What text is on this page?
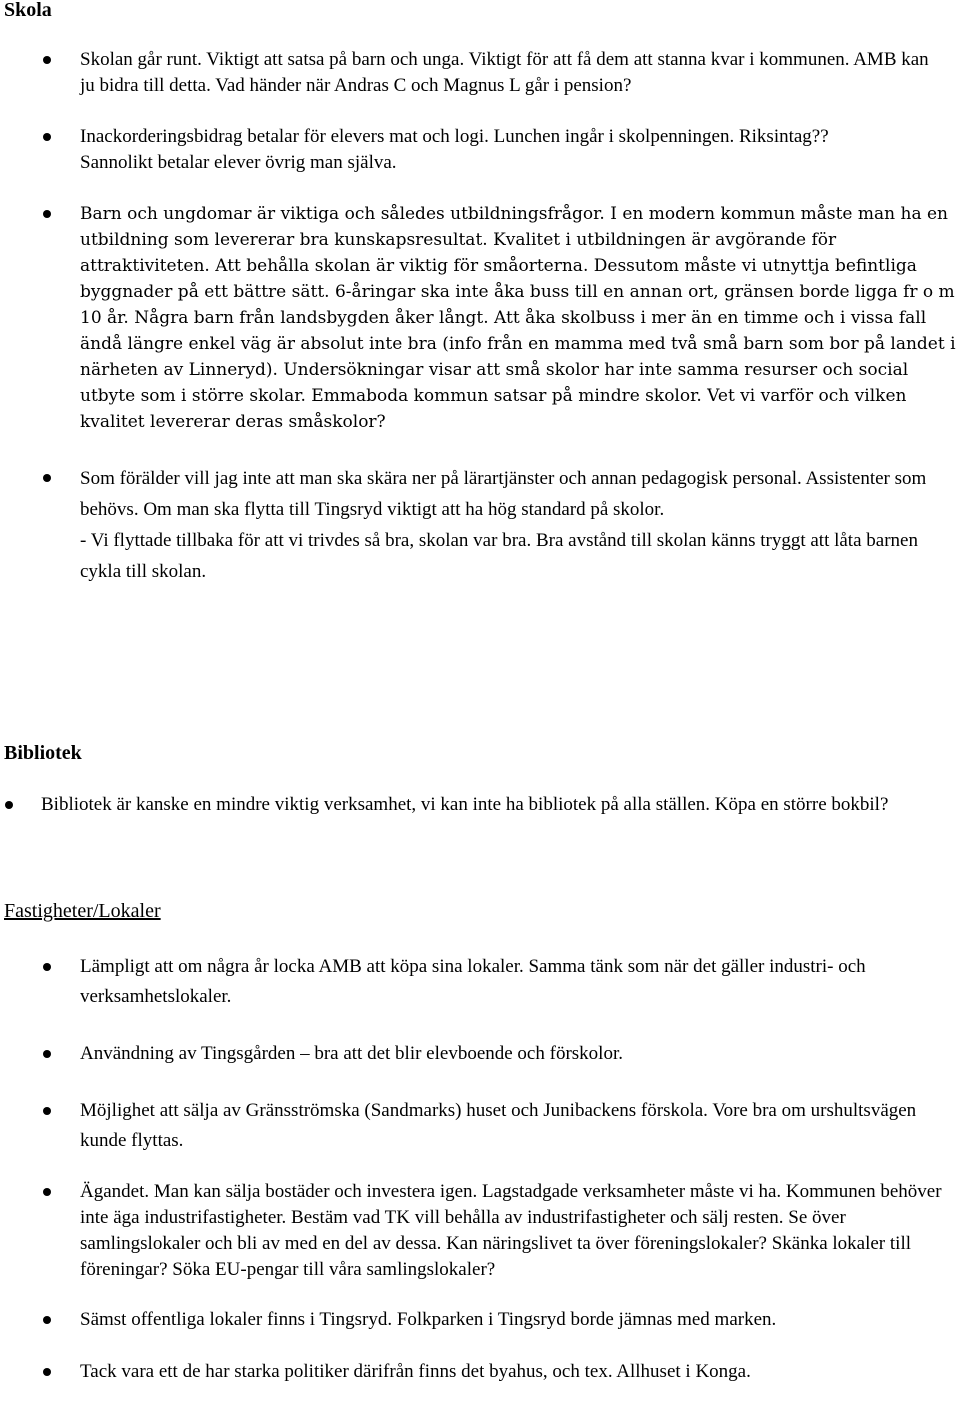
Skola
Skolan går runt. Viktigt att satsa på barn och unga. Viktigt för att få dem att stanna kvar i kommunen. AMB kan ju bidra till detta. Vad händer när Andras C och Magnus L går i pension?
Inackorderingsbidrag betalar för elevers mat och logi. Lunchen ingår i skolpenningen. Riksintag?? Sannolikt betalar elever övrig man själva.
Barn och ungdomar är viktiga och således utbildningsfrågor. I en modern kommun måste man ha en utbildning som levererar bra kunskapsresultat. Kvalitet i utbildningen är avgörande för attraktiviteten. Att behålla skolan är viktig för småorterna. Dessutom måste vi utnyttja befintliga byggnader på ett bättre sätt. 6-åringar ska inte åka buss till en annan ort, gränsen borde ligga fr o m 10 år. Några barn från landsbygden åker långt. Att åka skolbuss i mer än en timme och i vissa fall ändå längre enkel väg är absolut inte bra (info från en mamma med två små barn som bor på landet i närheten av Linneryd). Undersökningar visar att små skolor har inte samma resurser och social utbyte som i större skolar. Emmaboda kommun satsar på mindre skolor. Vet vi varför och vilken kvalitet levererar deras småskolor?
Som förälder vill jag inte att man ska skära ner på lärartjänster och annan pedagogisk personal. Assistenter som behövs. Om man ska flytta till Tingsryd viktigt att ha hög standard på skolor.
- Vi flyttade tillbaka för att vi trivdes så bra, skolan var bra. Bra avstånd till skolan känns tryggt att låta barnen cykla till skolan.
Bibliotek
Bibliotek är kanske en mindre viktig verksamhet, vi kan inte ha bibliotek på alla ställen. Köpa en större bokbil?
Fastigheter/Lokaler
Lämpligt att om några år locka AMB att köpa sina lokaler. Samma tänk som när det gäller industri- och verksamhetslokaler.
Användning av Tingsgården – bra att det blir elevboende och förskolor.
Möjlighet att sälja av Gränsströmska (Sandmarks) huset och Junibackens förskola. Vore bra om urshultsvägen kunde flyttas.
Ägandet. Man kan sälja bostäder och investera igen. Lagstadgade verksamheter måste vi ha. Kommunen behöver inte äga industrifastigheter. Bestäm vad TK vill behålla av industrifastigheter och sälj resten. Se över samlingslokaler och bli av med en del av dessa. Kan näringslivet ta över föreningslokaler? Skänka lokaler till föreningar? Söka EU-pengar till våra samlingslokaler?
Sämst offentliga lokaler finns i Tingsryd. Folkparken i Tingsryd borde jämnas med marken.
Tack vara ett de har starka politiker därifrån finns det byahus, och tex. Allhuset i Konga.
